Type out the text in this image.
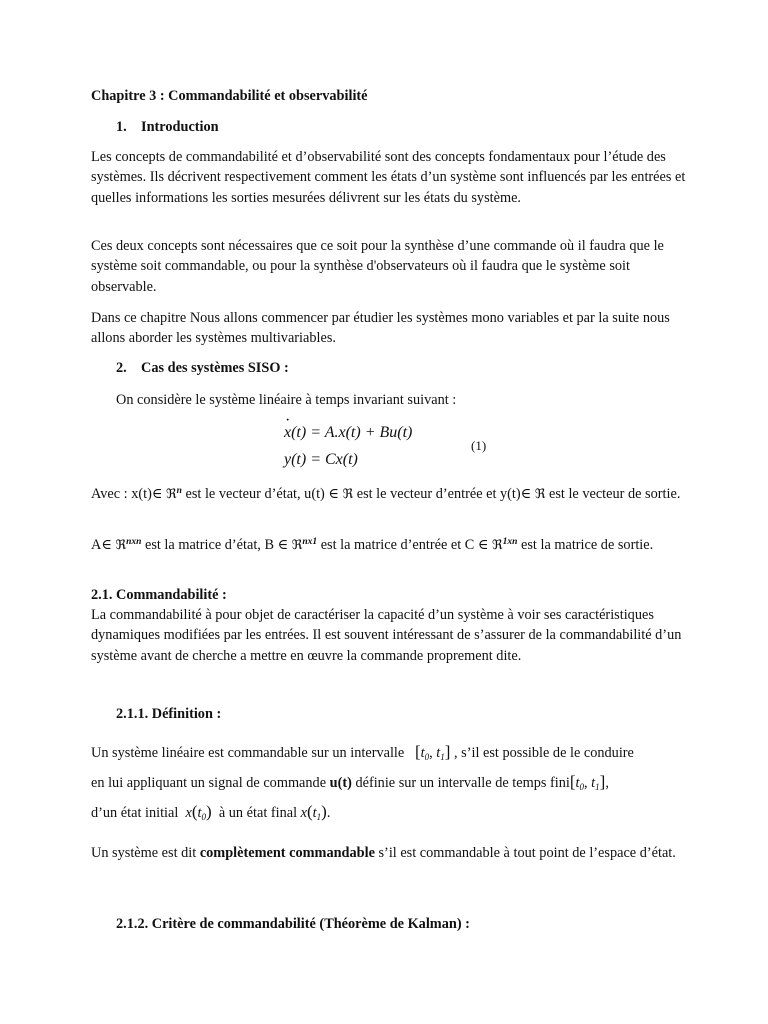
Chapitre 3 : Commandabilité et observabilité

1. Introduction

Les concepts de commandabilité et d’observabilité sont des concepts fondamentaux pour l’étude des systèmes. Ils décrivent respectivement comment les états d’un système sont influencés par les entrées et quelles informations les sorties mesurées délivrent sur les états du système.

Ces deux concepts sont nécessaires que ce soit pour la synthèse d’une commande où il faudra que le système soit commandable, ou pour la synthèse d'observateurs où il faudra que le système soit observable.

Dans ce chapitre Nous allons commencer par étudier les systèmes mono variables et par la suite nous allons aborder les systèmes multivariables.

2. Cas des systèmes SISO :

On considère le système linéaire à temps invariant suivant :

x(t) = A.x(t) + Bu(t)
·
y(t) = Cx(t)
(1)

Avec : x(t)∈ ℜ$^n$ est le vecteur d’état, u(t) ∈ ℜ est le vecteur d’entrée et y(t)∈ ℜ est le vecteur de sortie.

A∈ ℜ$^{nxn}$ est la matrice d’état, B ∈ ℜ$^{nx1}$ est la matrice d’entrée et C ∈ ℜ$^{1xn}$ est la matrice de sortie.

2.1. Commandabilité :

La commandabilité à pour objet de caractériser la capacité d’un système à voir ses caractéristiques dynamiques modifiées par les entrées. Il est souvent intéressant de s’assurer de la commandabilité d’un système avant de cherche a mettre en œuvre la commande proprement dite.

2.1.1. Définition :

Un système linéaire est commandable sur un intervalle [$t_0$, $t_1$] , s’il est possible de le conduire

en lui appliquant un signal de commande u(t) définie sur un intervalle de temps $fini[t_0$, $t_1$],

d’un état initial $x(t_0)$ à un état final $x(t_1)$.

Un système est dit complètement commandable s’il est commandable à tout point de l’espace d’état.

2.1.2. Critère de commandabilité (Théorème de Kalman) :
